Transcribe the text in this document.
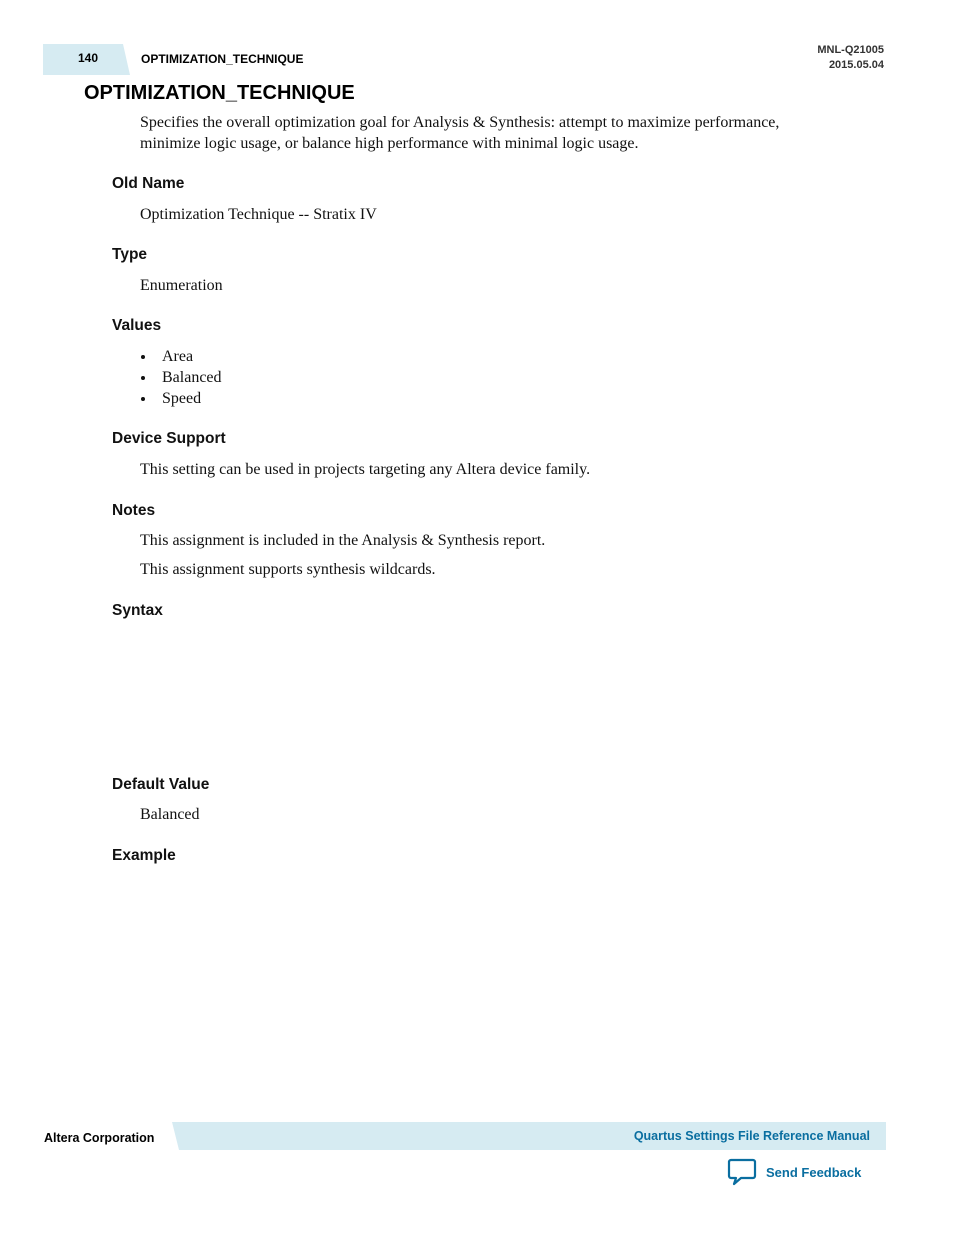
140	OPTIMIZATION_TECHNIQUE
MNL-Q21005
2015.05.04
OPTIMIZATION_TECHNIQUE

Specifies the overall optimization goal for Analysis & Synthesis: attempt to maximize performance, minimize logic usage, or balance high performance with minimal logic usage.

Old Name

Optimization Technique -- Stratix IV

Type

Enumeration

Values
Area
Balanced
Speed
Device Support

This setting can be used in projects targeting any Altera device family.

Notes

This assignment is included in the Analysis & Synthesis report.

This assignment supports synthesis wildcards.

Syntax
Default Value

Balanced

Example
Altera Corporation	Quartus Settings File Reference Manual
Send Feedback
